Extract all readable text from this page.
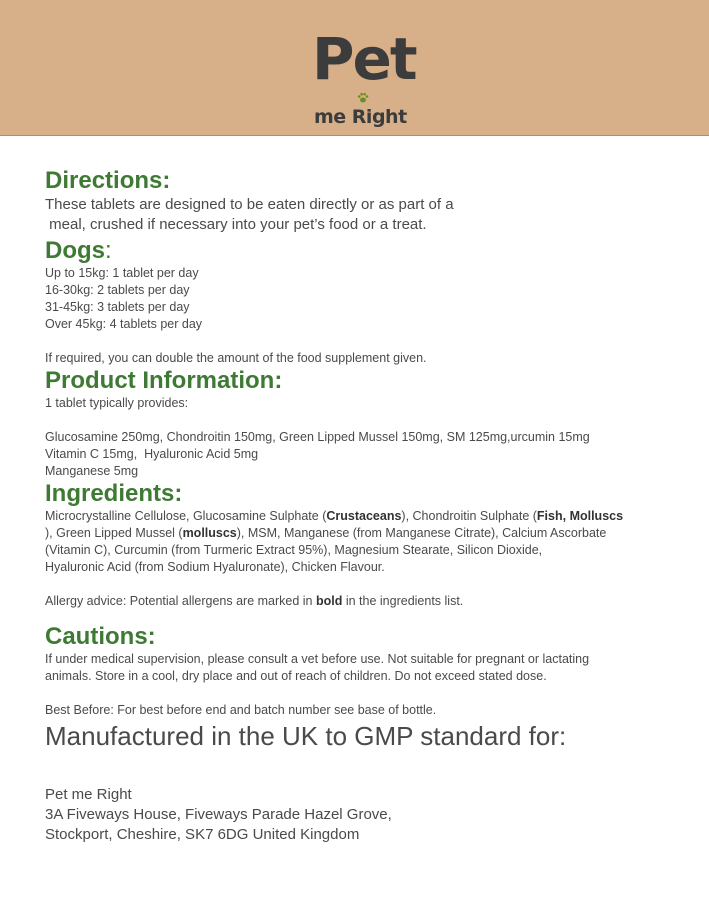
Pet
me Right

Directions:

These tablets are designed to be eaten directly or as part of a
meal, crushed if necessary into your pet’s food or a treat.

Dogs:

Up to 15kg: 1 tablet per day
16-30kg: 2 tablets per day
31-45kg: 3 tablets per day
Over 45kg: 4 tablets per day
If required, you can double the amount of the food supplement given.

Product Information:

1 tablet typically provides:
Glucosamine 250mg, Chondroitin 150mg, Green Lipped Mussel 150mg, SM 125mg,urcumin 15mg
Vitamin C 15mg,  Hyaluronic Acid 5mg
Manganese 5mg

Ingredients:

Microcrystalline Cellulose, Glucosamine Sulphate (Crustaceans), Chondroitin Sulphate (Fish, Molluscs
), Green Lipped Mussel (molluscs), MSM, Manganese (from Manganese Citrate), Calcium Ascorbate
(Vitamin C), Curcumin (from Turmeric Extract 95%), Magnesium Stearate, Silicon Dioxide,
Hyaluronic Acid (from Sodium Hyaluronate), Chicken Flavour.
Allergy advice: Potential allergens are marked in bold in the ingredients list.

Cautions:

If under medical supervision, please consult a vet before use. Not suitable for pregnant or lactating
animals. Store in a cool, dry place and out of reach of children. Do not exceed stated dose.
Best Before: For best before end and batch number see base of bottle.

Manufactured in the UK to GMP standard for:

Pet me Right
3A Fiveways House, Fiveways Parade Hazel Grove,
Stockport, Cheshire, SK7 6DG United Kingdom
